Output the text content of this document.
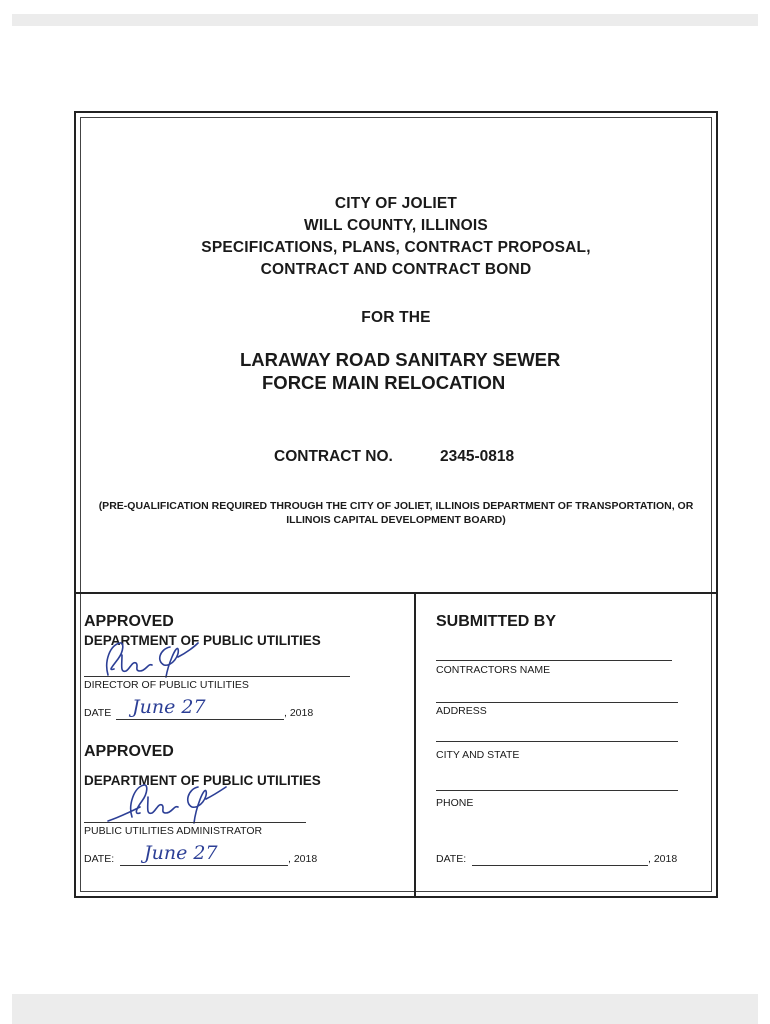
CITY OF JOLIET
WILL COUNTY, ILLINOIS
SPECIFICATIONS, PLANS, CONTRACT PROPOSAL,
CONTRACT AND CONTRACT BOND
FOR THE
LARAWAY ROAD SANITARY SEWER
FORCE MAIN RELOCATION
CONTRACT NO.	2345-0818
(PRE-QUALIFICATION REQUIRED THROUGH THE CITY OF JOLIET, ILLINOIS DEPARTMENT OF TRANSPORTATION, OR ILLINOIS CAPITAL DEVELOPMENT BOARD)
APPROVED
DEPARTMENT OF PUBLIC UTILITIES
DIRECTOR OF PUBLIC UTILITIES
DATE June 27	, 2018
APPROVED
DEPARTMENT OF PUBLIC UTILITIES
PUBLIC UTILITIES ADMINISTRATOR
DATE: June 27	, 2018
SUBMITTED BY
CONTRACTORS NAME
ADDRESS
CITY AND STATE
PHONE
DATE:	, 2018
